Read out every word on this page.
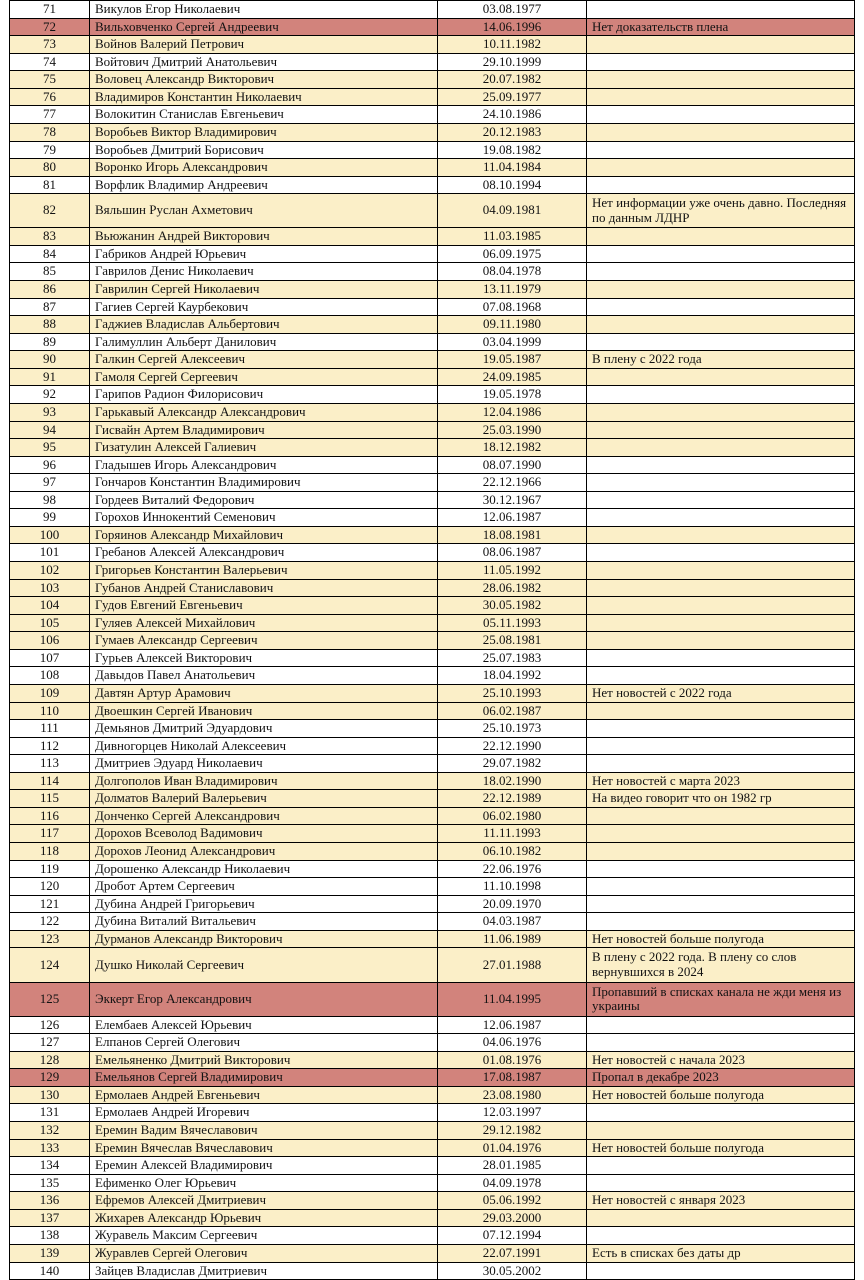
71	Викулов Егор Николаевич	03.08.1977
72	Вильховченко Сергей Андреевич	14.06.1996	Нет доказательств плена
73	Войнов Валерий Петрович	10.11.1982
74	Войтович Дмитрий Анатольевич	29.10.1999
75	Воловец Александр Викторович	20.07.1982
76	Владимиров Константин Николаевич	25.09.1977
77	Волокитин Станислав Евгеньевич	24.10.1986
78	Воробьев Виктор Владимирович	20.12.1983
79	Воробьев Дмитрий Борисович	19.08.1982
80	Воронко Игорь Александрович	11.04.1984
81	Ворфлик Владимир Андреевич	08.10.1994
82	Вяльшин Руслан Ахметович	04.09.1981	Нет информации уже очень давно. Последняя по данным ЛДНР
83	Вьюжанин Андрей Викторович	11.03.1985
84	Габриков Андрей Юрьевич	06.09.1975
85	Гаврилов Денис Николаевич	08.04.1978
86	Гаврилин Сергей Николаевич	13.11.1979
87	Гагиев Сергей Каурбекович	07.08.1968
88	Гаджиев Владислав Альбертович	09.11.1980
89	Галимуллин Альберт Данилович	03.04.1999
90	Галкин Сергей Алексеевич	19.05.1987	В плену с 2022 года
91	Гамоля Сергей Сергеевич	24.09.1985
92	Гарипов Радион Филорисович	19.05.1978
93	Гарькавый Александр Александрович	12.04.1986
94	Гисвайн Артем Владимирович	25.03.1990
95	Гизатулин Алексей Галиевич	18.12.1982
96	Гладышев Игорь Александрович	08.07.1990
97	Гончаров Константин Владимирович	22.12.1966
98	Гордеев Виталий Федорович	30.12.1967
99	Горохов Иннокентий Семенович	12.06.1987
100	Горяинов Александр Михайлович	18.08.1981
101	Гребанов Алексей Александрович	08.06.1987
102	Григорьев Константин Валерьевич	11.05.1992
103	Губанов Андрей Станиславович	28.06.1982
104	Гудов Евгений Евгеньевич	30.05.1982
105	Гуляев Алексей Михайлович	05.11.1993
106	Гумаев Александр Сергеевич	25.08.1981
107	Гурьев Алексей Викторович	25.07.1983
108	Давыдов Павел Анатольевич	18.04.1992
109	Давтян Артур Арамович	25.10.1993	Нет новостей с 2022 года
110	Двоешкин Сергей Иванович	06.02.1987
111	Демьянов Дмитрий Эдуардович	25.10.1973
112	Дивногорцев Николай Алексеевич	22.12.1990
113	Дмитриев Эдуард Николаевич	29.07.1982
114	Долгополов Иван Владимирович	18.02.1990	Нет новостей с марта 2023
115	Долматов Валерий Валерьевич	22.12.1989	На видео говорит что он 1982 гр
116	Донченко Сергей Александрович	06.02.1980
117	Дорохов Всеволод Вадимович	11.11.1993
118	Дорохов Леонид Александрович	06.10.1982
119	Дорошенко Александр Николаевич	22.06.1976
120	Дробот Артем Сергеевич	11.10.1998
121	Дубина Андрей Григорьевич	20.09.1970
122	Дубина Виталий Витальевич	04.03.1987
123	Дурманов Александр Викторович	11.06.1989	Нет новостей больше полугода
124	Душко Николай Сергеевич	27.01.1988	В плену с 2022 года. В плену со слов вернувшихся в 2024
125	Эккерт Егор Александрович	11.04.1995	Пропавший в списках канала не жди меня из украины
126	Елембаев Алексей Юрьевич	12.06.1987
127	Елпанов Сергей Олегович	04.06.1976
128	Емельяненко Дмитрий Викторович	01.08.1976	Нет новостей с начала 2023
129	Емельянов Сергей Владимирович	17.08.1987	Пропал в декабре 2023
130	Ермолаев Андрей Евгеньевич	23.08.1980	Нет новостей больше полугода
131	Ермолаев Андрей Игоревич	12.03.1997
132	Еремин Вадим Вячеславович	29.12.1982
133	Еремин Вячеслав Вячеславович	01.04.1976	Нет новостей больше полугода
134	Еремин Алексей Владимирович	28.01.1985
135	Ефименко Олег Юрьевич	04.09.1978
136	Ефремов Алексей Дмитриевич	05.06.1992	Нет новостей с января 2023
137	Жихарев Александр Юрьевич	29.03.2000
138	Журавель Максим Сергеевич	07.12.1994
139	Журавлев Сергей Олегович	22.07.1991	Есть в списках без даты др
140	Зайцев Владислав Дмитриевич	30.05.2002
